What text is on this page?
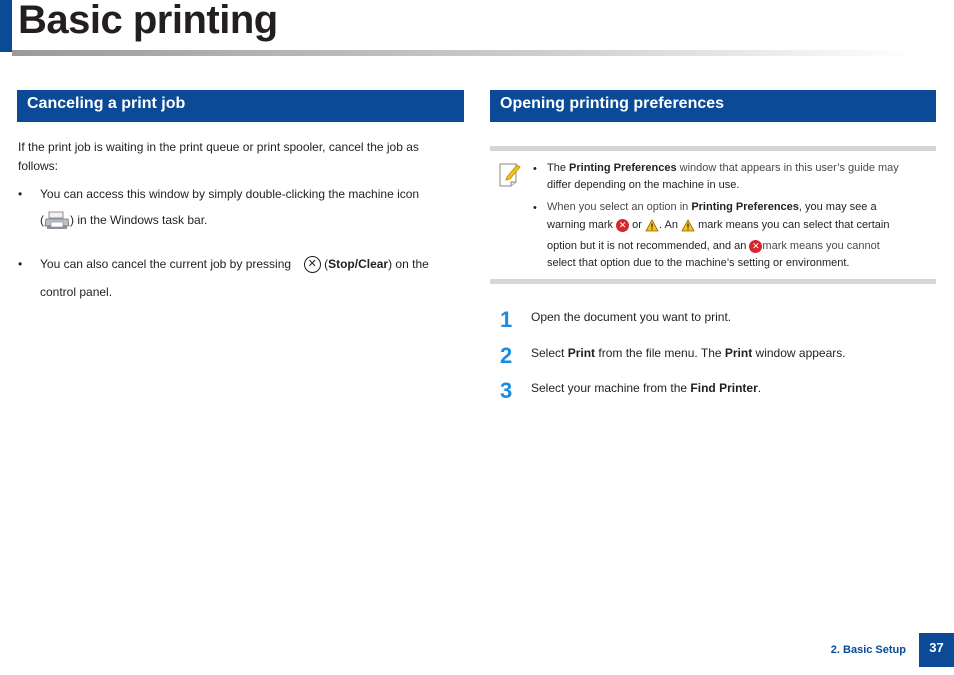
Basic printing
Canceling a print job

If the print job is waiting in the print queue or print spooler, cancel the job as

follows:

• You can access this window by simply double-clicking the machine icon

( ) in the Windows task bar.

• You can also cancel the current job by pressing ✕ (Stop/Clear) on the

control panel.

Opening printing preferences
• The Printing Preferences window that appears in this user’s guide may

differ depending on the machine in use.

• When you select an option in Printing Preferences, you may see a

warning mark ✕ or . An mark means you can select that certain

option but it is not recommended, and an ✕ mark means you cannot

select that option due to the machine’s setting or environment.

1 Open the document you want to print.

2 Select Print from the file menu. The Print window appears.

3 Select your machine from the Find Printer.

2. Basic Setup	37
